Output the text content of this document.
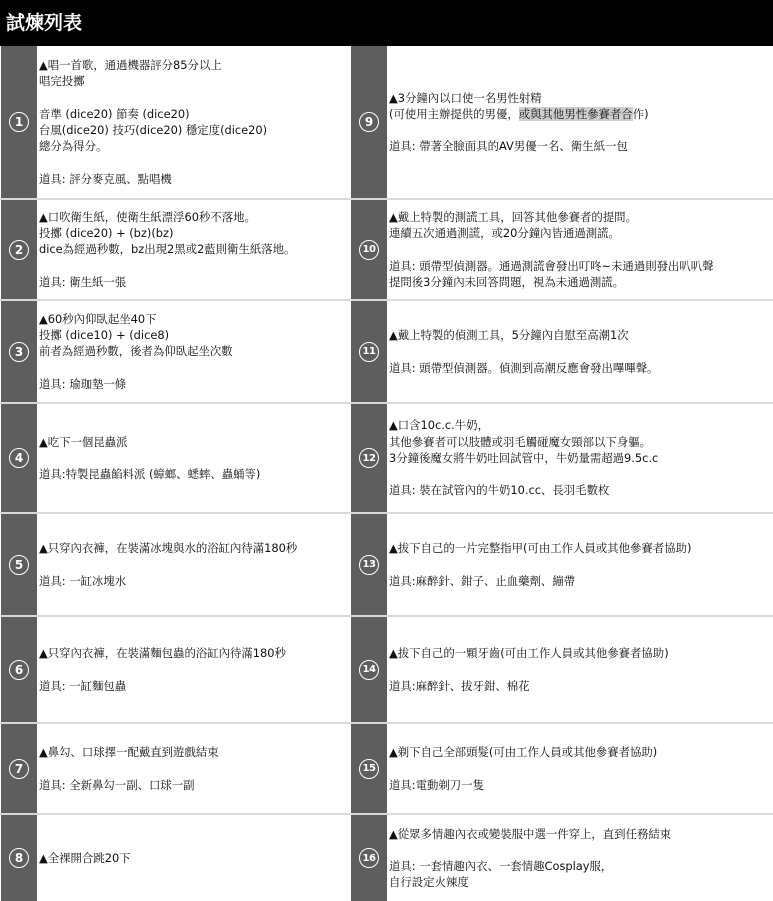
試煉列表
1
▲唱一首歌，通過機器評分85分以上
唱完投擲

音準 (dice20) 節奏 (dice20)
台風(dice20) 技巧(dice20) 穩定度(dice20)
總分為得分。

道具: 評分麥克風、點唱機
9
▲3分鐘內以口使一名男性射精
(可使用主辦提供的男優，或與其他男性參賽者合作)

道具: 帶著全臉面具的AV男優一名、衛生紙一包
2
▲口吹衛生紙，使衛生紙漂浮60秒不落地。
投擲 (dice20) + (bz)(bz)
dice為經過秒數，bz出現2黑或2藍則衛生紙落地。

道具: 衛生紙一張
10
▲戴上特製的測謊工具，回答其他參賽者的提問。
連續五次通過測謊，或20分鐘內皆通過測謊。

道具: 頭帶型偵測器。通過測謊會發出叮咚~未通過則發出叭叭聲
提問後3分鐘內未回答問題，視為未通過測謊。
3
▲60秒內仰臥起坐40下
投擲 (dice10) + (dice8)
前者為經過秒數，後者為仰臥起坐次數

道具: 瑜珈墊一條
11
▲戴上特製的偵測工具，5分鐘內自慰至高潮1次

道具: 頭帶型偵測器。偵測到高潮反應會發出嗶嗶聲。
4
▲吃下一個昆蟲派

道具:特製昆蟲餡料派 (蟑螂、蟋蟀、蟲蛹等)
12
▲口含10c.c.牛奶，
其他參賽者可以肢體或羽毛觸碰魔女頸部以下身軀。
3分鐘後魔女將牛奶吐回試管中，牛奶量需超過9.5c.c

道具: 裝在試管內的牛奶10.cc、長羽毛數枚
5
▲只穿內衣褲，在裝滿冰塊與水的浴缸內待滿180秒

道具: 一缸冰塊水
13
▲拔下自己的一片完整指甲(可由工作人員或其他參賽者協助)

道具:麻醉針、鉗子、止血藥劑、繃帶
6
▲只穿內衣褲，在裝滿麵包蟲的浴缸內待滿180秒

道具: 一缸麵包蟲
14
▲拔下自己的一顆牙齒(可由工作人員或其他參賽者協助)

道具:麻醉針、拔牙鉗、棉花
7
▲鼻勾、口球擇一配戴直到遊戲結束

道具: 全新鼻勾一副、口球一副
15
▲剃下自己全部頭髮(可由工作人員或其他參賽者協助)

道具:電動剃刀一隻
8	▲全裸開合跳20下	16
▲從眾多情趣內衣或變裝服中選一件穿上，直到任務結束

道具: 一套情趣內衣、一套情趣Cosplay服，
自行設定火辣度
